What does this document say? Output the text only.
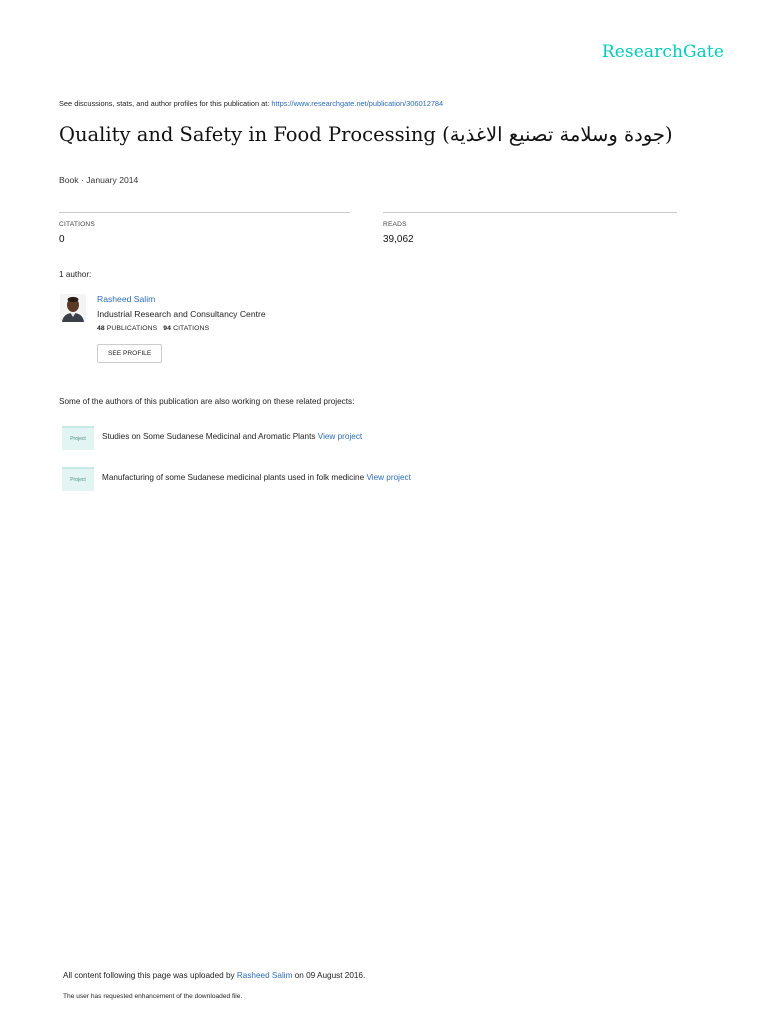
ResearchGate
See discussions, stats, and author profiles for this publication at: https://www.researchgate.net/publication/306012784
Quality and Safety in Food Processing (جودة وسلامة تصنيع الاغذية)
Book · January 2014
CITATIONS
0
READS
39,062
1 author:
Rasheed Salim
Industrial Research and Consultancy Centre
48 PUBLICATIONS 94 CITATIONS
SEE PROFILE
Some of the authors of this publication are also working on these related projects:
Project	Studies on Some Sudanese Medicinal and Aromatic Plants View project
Project	Manufacturing of some Sudanese medicinal plants used in folk medicine View project
All content following this page was uploaded by Rasheed Salim on 09 August 2016.
The user has requested enhancement of the downloaded file.
